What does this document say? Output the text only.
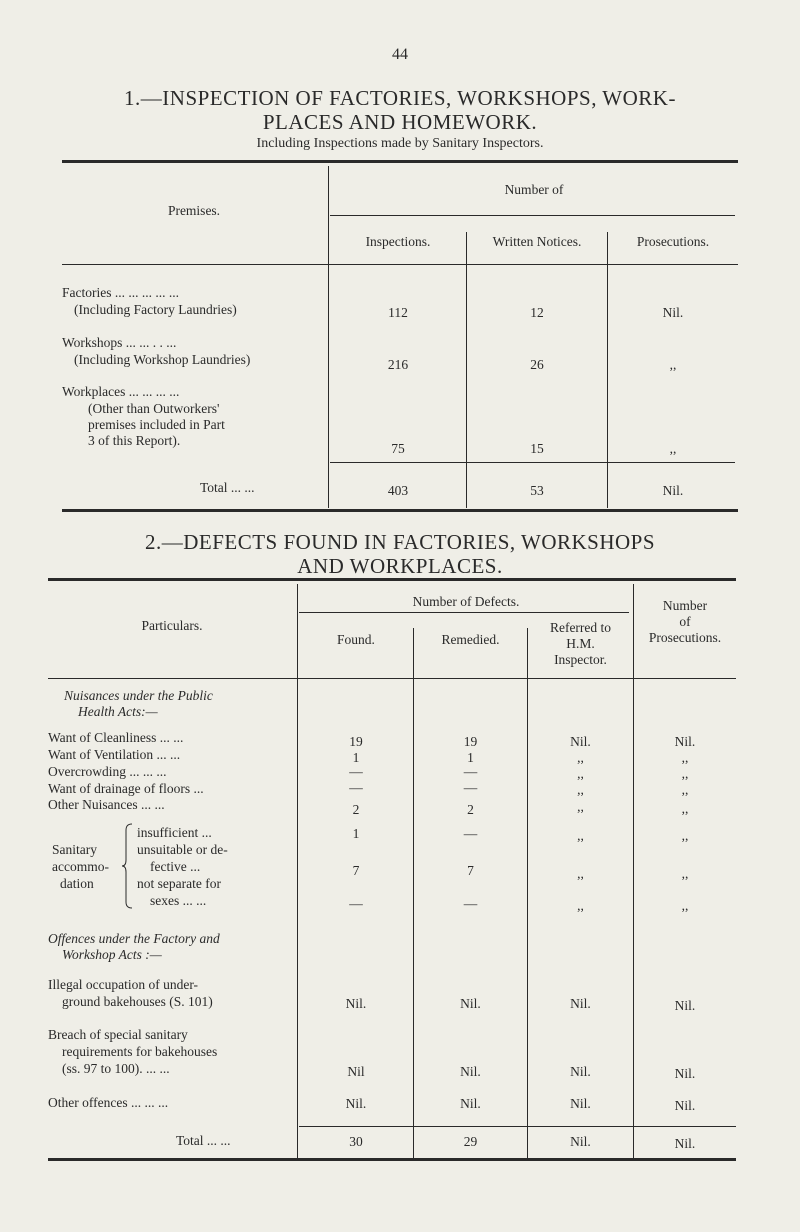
44
1.—INSPECTION OF FACTORIES, WORKSHOPS, WORK-
PLACES AND HOMEWORK.
Including Inspections made by Sanitary Inspectors.
Premises.
Number of
Inspections.	Written Notices.	Prosecutions.
Factories ... ... ... ... ...
(Including Factory Laundries)	112	12	Nil.
Workshops ... ... . . ...
(Including Workshop Laundries)	216	26	,,
Workplaces ... ... ... ...
(Other than Outworkers'
premises included in Part
3 of this Report).
75	15	,,
Total ... ...	403	53	Nil.
2.—DEFECTS FOUND IN FACTORIES, WORKSHOPS
AND WORKPLACES.
Particulars.
Number of Defects.
Found.	Remedied.
Referred to
H.M.
Inspector.
Number
of
Prosecutions.
Nuisances under the Public
Health Acts:—
Want of Cleanliness ... ...	19	19	Nil.	Nil.
Want of Ventilation ... ...	1	1	,,	,,
Overcrowding ... ... ...	—	—	,,	,,
Want of drainage of floors ...	—	—	,,	,,
Other Nuisances ... ...	2	2	,,	,,
Sanitary
accommo-
dation
insufficient ...	1	—	,,	,,
unsuitable or de-
fective ...	7	7	,,	,,
not separate for
sexes ... ...	—	—	,,	,,
Offences under the Factory and
Workshop Acts :—
Illegal occupation of under-
ground bakehouses (S. 101)	Nil.	Nil.	Nil.	Nil.
Breach of special sanitary
requirements for bakehouses
(ss. 97 to 100). ... ...	Nil	Nil.	Nil.	Nil.
Other offences ... ... ...	Nil.	Nil.	Nil.	Nil.
Total ... ...	30	29	Nil.	Nil.
